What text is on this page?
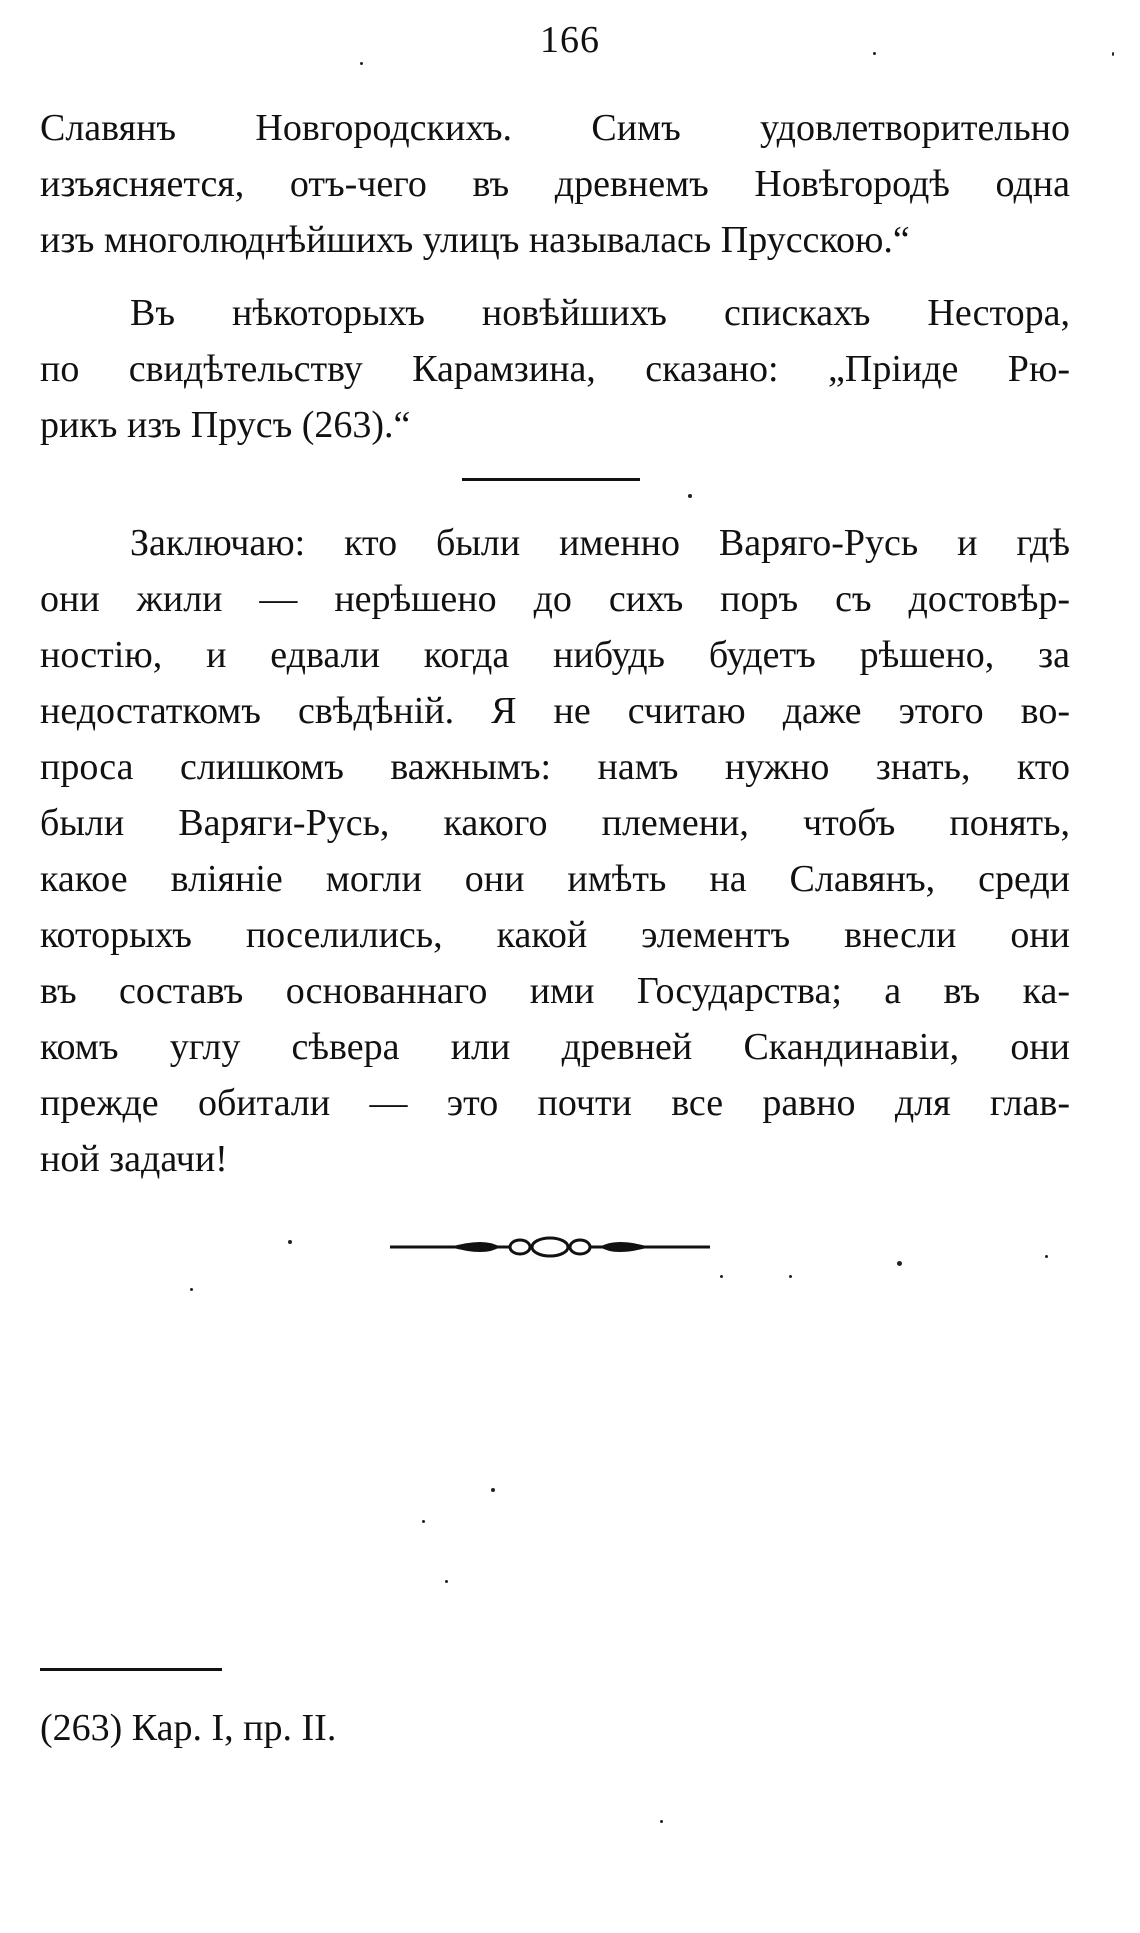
166
Славянъ Новгородскихъ. Симъ удовлетворительно
изъясняется, отъ-чего въ древнемъ Новѣгородѣ одна
изъ многолюднѣйшихъ улицъ называлась Прусскою.“
Въ нѣкоторыхъ новѣйшихъ спискахъ Нестора,
по свидѣтельству Карамзина, сказано: „Пріиде Рю-
рикъ изъ Прусъ (263).“
Заключаю: кто были именно Варяго-Русь и гдѣ
они жили — нерѣшено до сихъ поръ съ достовѣр-
ностію, и едвали когда нибудь будетъ рѣшено, за
недостаткомъ свѣдѣній. Я не считаю даже этого во-
проса слишкомъ важнымъ: намъ нужно знать, кто
были Варяги-Русь, какого племени, чтобъ понять,
какое вліяніе могли они имѣть на Славянъ, среди
которыхъ поселились, какой элементъ внесли они
въ составъ основаннаго ими Государства; а въ ка-
комъ углу сѣвера или древней Скандинавіи, они
прежде обитали — это почти все равно для глав-
ной задачи!
(263) Кар. I, пр. II.
